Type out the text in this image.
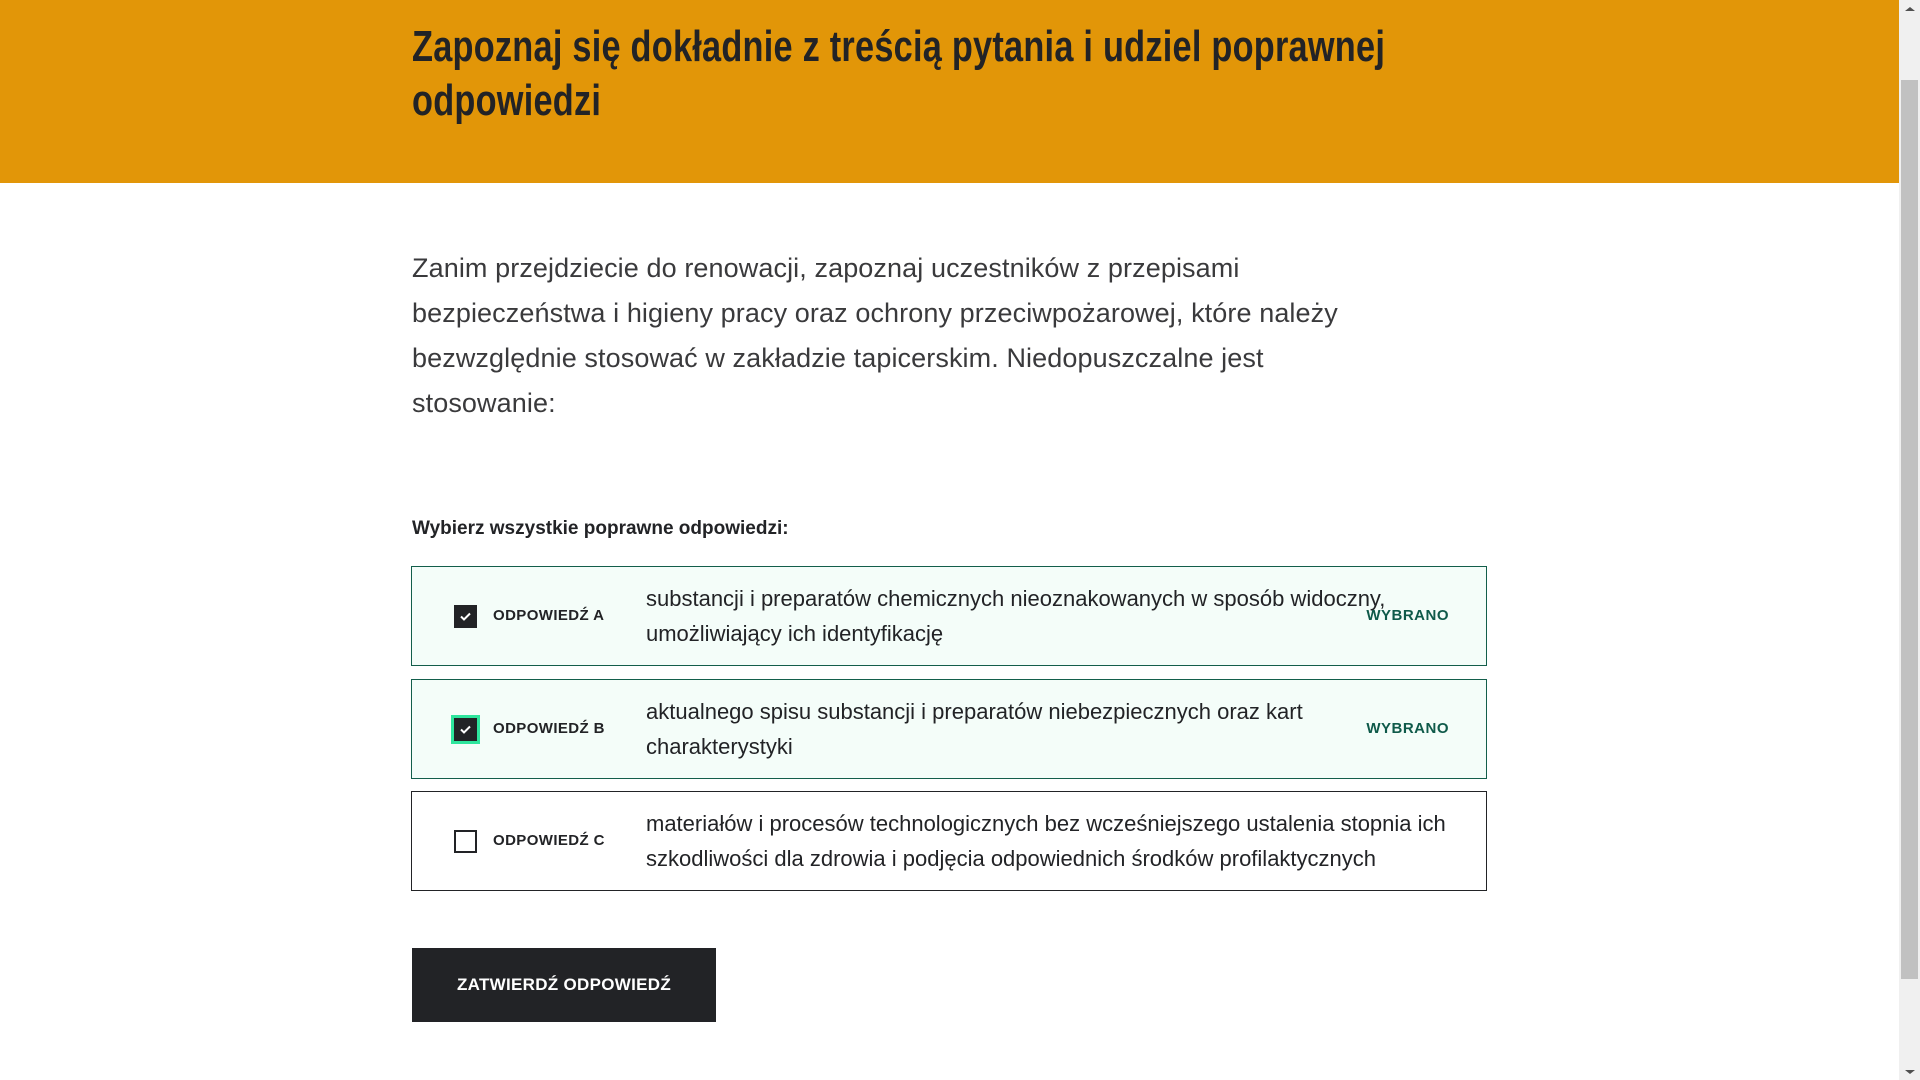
Zapoznaj się dokładnie z treścią pytania i udziel poprawnej odpowiedzi

Zanim przejdziecie do renowacji, zapoznaj uczestników z przepisami bezpieczeństwa i higieny pracy oraz ochrony przeciwpożarowej, które należy bezwzględnie stosować w zakładzie tapicerskim. Niedopuszczalne jest stosowanie:

Wybierz wszystkie poprawne odpowiedzi:
ODPOWIEDŹ A
substancji i preparatów chemicznych nieoznakowanych w sposób widoczny, umożliwiający ich identyfikację
WYBRANO
ODPOWIEDŹ B
aktualnego spisu substancji i preparatów niebezpiecznych oraz kart charakterystyki
WYBRANO
ODPOWIEDŹ C
materiałów i procesów technologicznych bez wcześniejszego ustalenia stopnia ich szkodliwości dla zdrowia i podjęcia odpowiednich środków profilaktycznych
ZATWIERDŹ ODPOWIEDŹ
